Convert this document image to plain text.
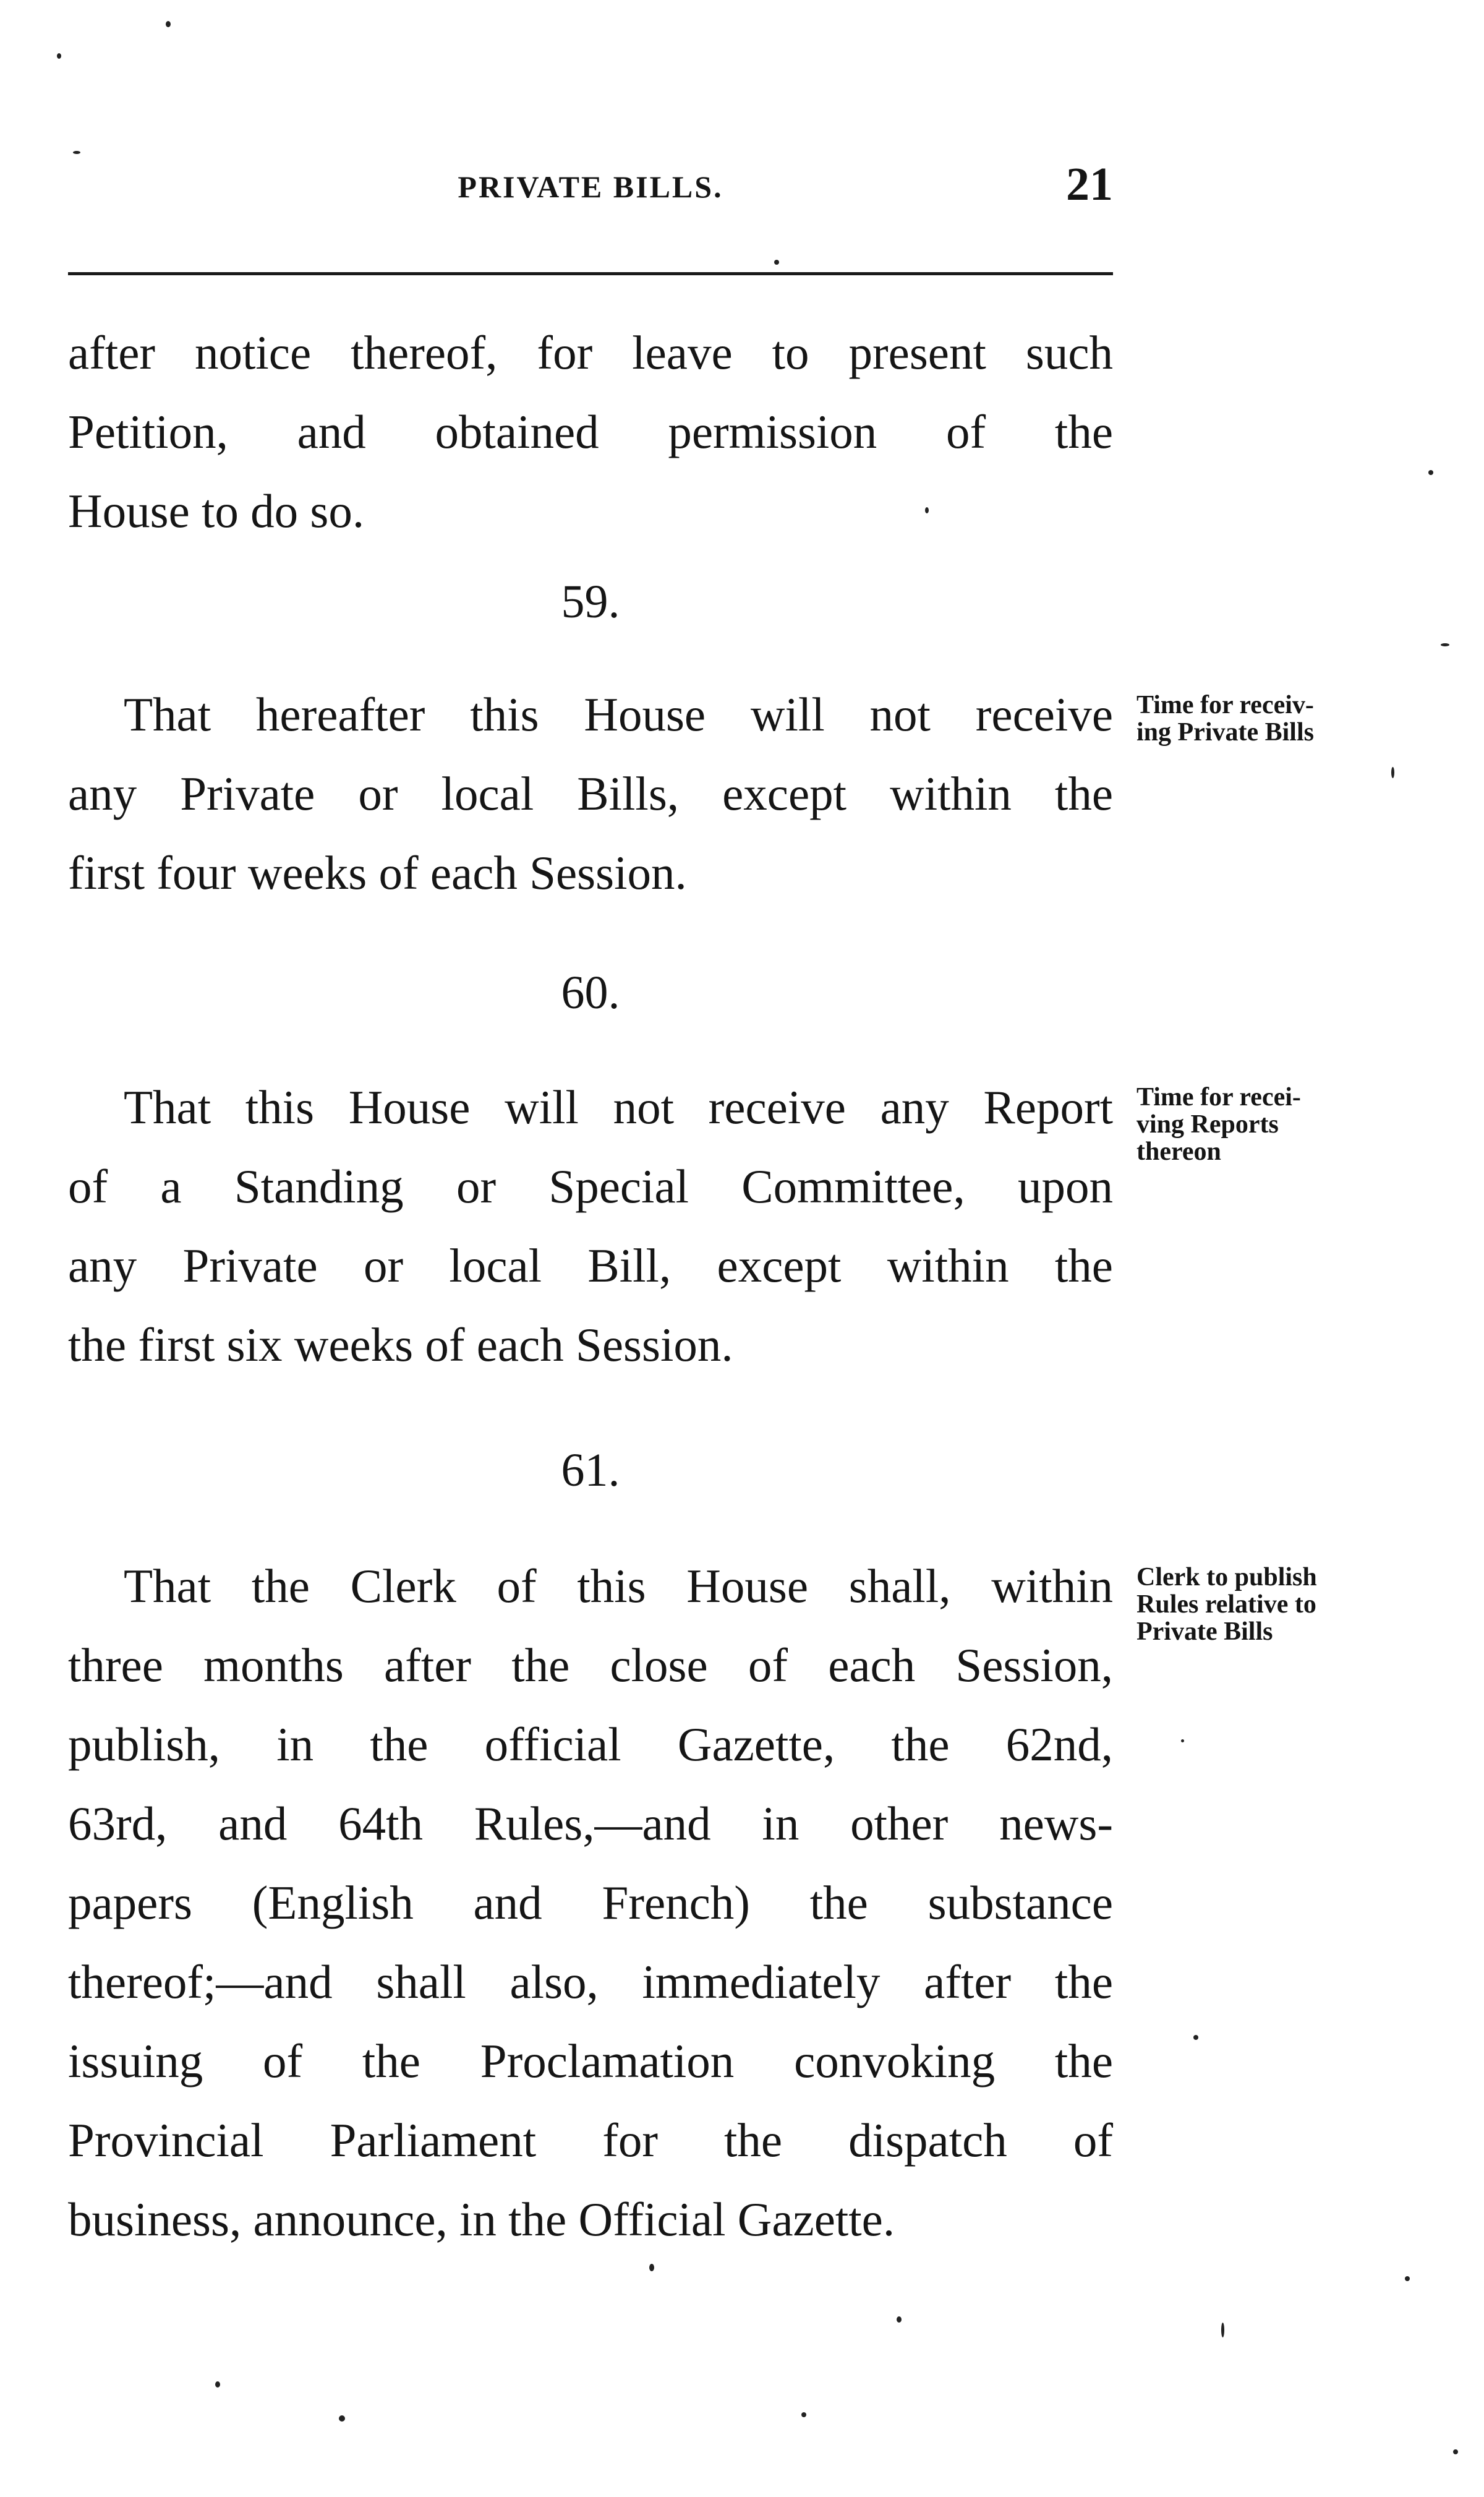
PRIVATE BILLS.	21
after notice thereof, for leave to present such
Petition, and obtained permission of the
House to do so.
59.
That hereafter this House will not receive
any Private or local Bills, except within the
first four weeks of each Session.
Time for receiv-
ing Private Bills
60.
That this House will not receive any Report
of a Standing or Special Committee, upon
any Private or local Bill, except within the
the first six weeks of each Session.
Time for recei-
ving Reports
thereon
61.
That the Clerk of this House shall, within
three months after the close of each Session,
publish, in the official Gazette, the 62nd,
63rd, and 64th Rules,—and in other news-
papers (English and French) the substance
thereof;—and shall also, immediately after the
issuing of the Proclamation convoking the
Provincial Parliament for the dispatch of
business, announce, in the Official Gazette.
Clerk to publish
Rules relative to
Private Bills
